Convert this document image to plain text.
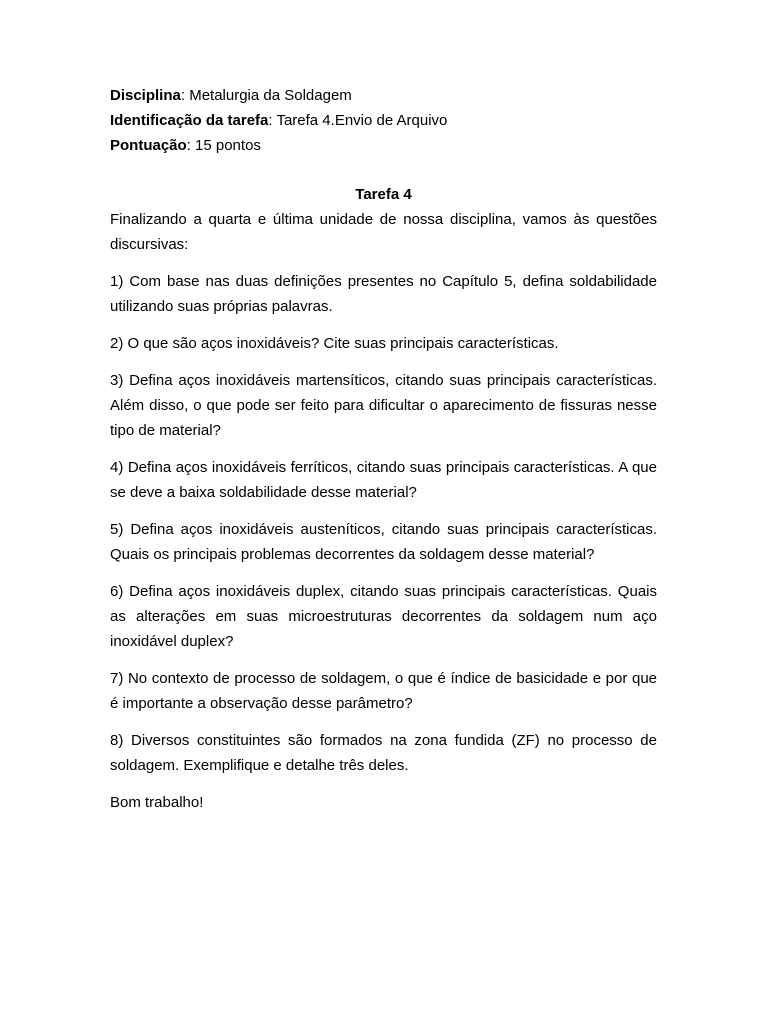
Disciplina: Metalurgia da Soldagem

Identificação da tarefa: Tarefa 4.Envio de Arquivo

Pontuação: 15 pontos

Tarefa 4

Finalizando a quarta e última unidade de nossa disciplina, vamos às questões discursivas:

1) Com base nas duas definições presentes no Capítulo 5, defina soldabilidade utilizando suas próprias palavras.

2) O que são aços inoxidáveis? Cite suas principais características.

3) Defina aços inoxidáveis martensíticos, citando suas principais características. Além disso, o que pode ser feito para dificultar o aparecimento de fissuras nesse tipo de material?

4) Defina aços inoxidáveis ferríticos, citando suas principais características. A que se deve a baixa soldabilidade desse material?

5) Defina aços inoxidáveis austeníticos, citando suas principais características. Quais os principais problemas decorrentes da soldagem desse material?

6) Defina aços inoxidáveis duplex, citando suas principais características. Quais as alterações em suas microestruturas decorrentes da soldagem num aço inoxidável duplex?

7) No contexto de processo de soldagem, o que é índice de basicidade e por que é importante a observação desse parâmetro?

8) Diversos constituintes são formados na zona fundida (ZF) no processo de soldagem. Exemplifique e detalhe três deles.

Bom trabalho!
